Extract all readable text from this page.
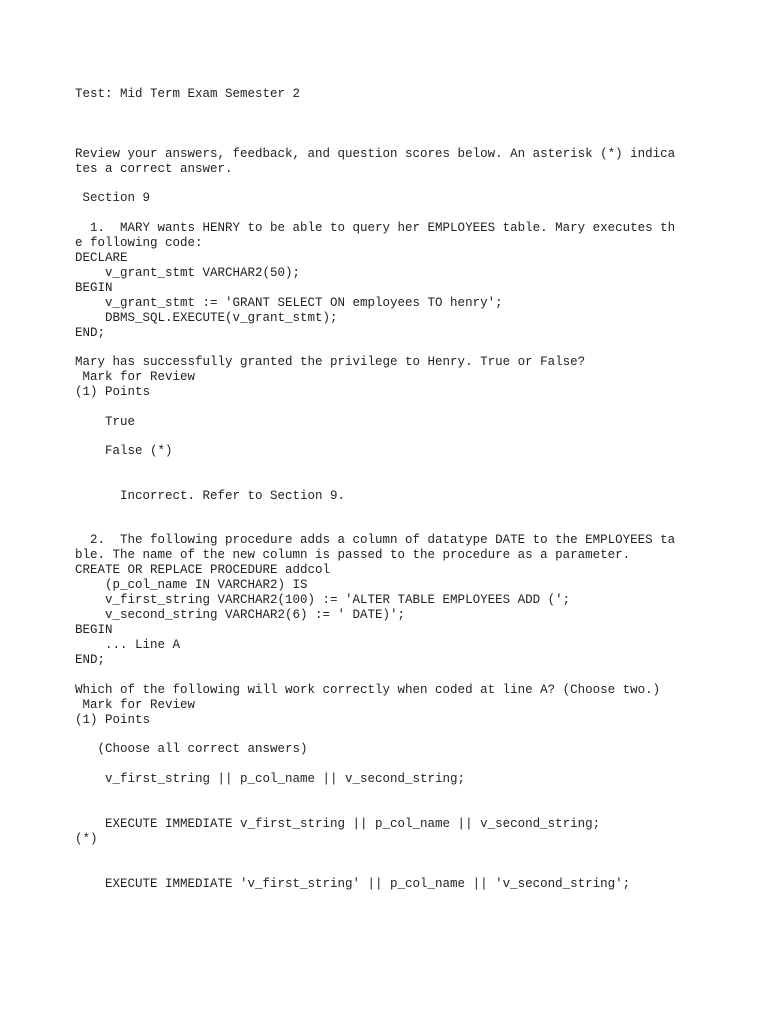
Test: Mid Term Exam Semester 2
Review your answers, feedback, and question scores below. An asterisk (*) indica
tes a correct answer.
Section 9
1.  MARY wants HENRY to be able to query her EMPLOYEES table. Mary executes th
e following code:
DECLARE
v_grant_stmt VARCHAR2(50);
BEGIN
v_grant_stmt := 'GRANT SELECT ON employees TO henry';
DBMS_SQL.EXECUTE(v_grant_stmt);
END;
Mary has successfully granted the privilege to Henry. True or False?
Mark for Review
(1) Points
True
False (*)
Incorrect. Refer to Section 9.
2.  The following procedure adds a column of datatype DATE to the EMPLOYEES ta
ble. The name of the new column is passed to the procedure as a parameter.
CREATE OR REPLACE PROCEDURE addcol
(p_col_name IN VARCHAR2) IS
v_first_string VARCHAR2(100) := 'ALTER TABLE EMPLOYEES ADD (';
v_second_string VARCHAR2(6) := ' DATE)';
BEGIN
... Line A
END;
Which of the following will work correctly when coded at line A? (Choose two.)
Mark for Review
(1) Points
(Choose all correct answers)
v_first_string || p_col_name || v_second_string;
EXECUTE IMMEDIATE v_first_string || p_col_name || v_second_string;
(*)
EXECUTE IMMEDIATE 'v_first_string' || p_col_name || 'v_second_string';
